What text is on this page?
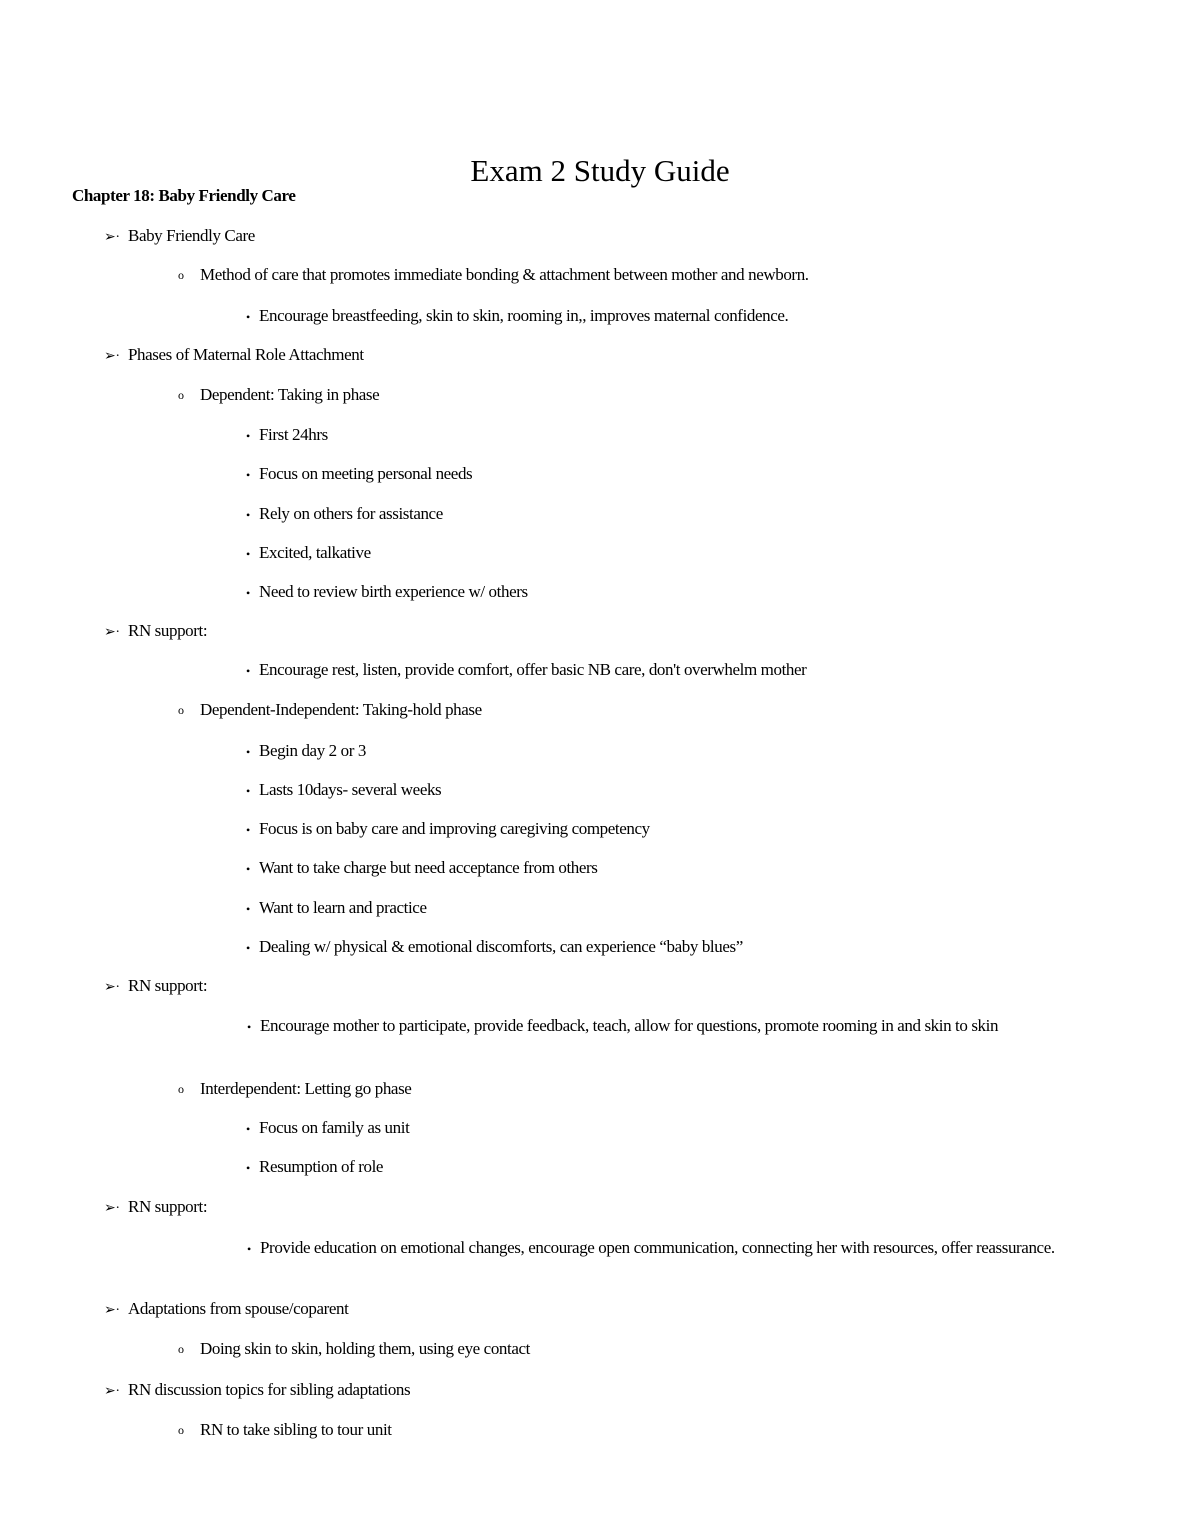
Exam 2 Study Guide
Chapter 18: Baby Friendly Care
➢· Baby Friendly Care
o Method of care that promotes immediate bonding & attachment between mother and newborn.
• Encourage breastfeeding, skin to skin, rooming in,, improves maternal confidence.
➢· Phases of Maternal Role Attachment
o Dependent: Taking in phase
• First 24hrs
• Focus on meeting personal needs
• Rely on others for assistance
• Excited, talkative
• Need to review birth experience w/ others
➢· RN support:
• Encourage rest, listen, provide comfort, offer basic NB care, don't overwhelm mother
o Dependent-Independent: Taking-hold phase
• Begin day 2 or 3
• Lasts 10days- several weeks
• Focus is on baby care and improving caregiving competency
• Want to take charge but need acceptance from others
• Want to learn and practice
• Dealing w/ physical & emotional discomforts, can experience “baby blues”
➢· RN support:
• Encourage mother to participate, provide feedback, teach, allow for questions, promote rooming in and skin to skin
o Interdependent: Letting go phase
• Focus on family as unit
• Resumption of role
➢· RN support:
• Provide education on emotional changes, encourage open communication, connecting her with resources, offer reassurance.
➢· Adaptations from spouse/coparent
o Doing skin to skin, holding them, using eye contact
➢· RN discussion topics for sibling adaptations
o RN to take sibling to tour unit
